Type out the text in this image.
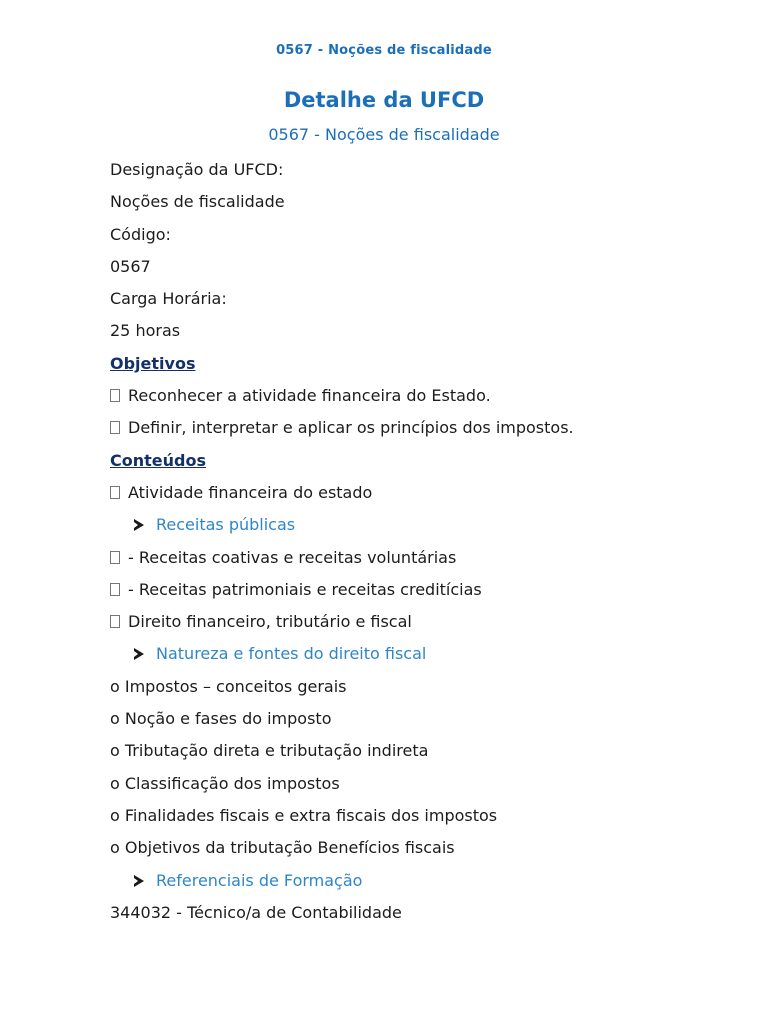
0567 - Noções de fiscalidade
Detalhe da UFCD
0567 - Noções de fiscalidade
Designação da UFCD:
Noções de fiscalidade
Código:
0567
Carga Horária:
25 horas
Objetivos
Reconhecer a atividade financeira do Estado.
Definir, interpretar e aplicar os princípios dos impostos.
Conteúdos
Atividade financeira do estado
Receitas públicas
- Receitas coativas e receitas voluntárias
- Receitas patrimoniais e receitas creditícias
Direito financeiro, tributário e fiscal
Natureza e fontes do direito fiscal
o Impostos – conceitos gerais
o Noção e fases do imposto
o Tributação direta e tributação indireta
o Classificação dos impostos
o Finalidades fiscais e extra fiscais dos impostos
o Objetivos da tributação Benefícios fiscais
Referenciais de Formação
344032 - Técnico/a de Contabilidade
